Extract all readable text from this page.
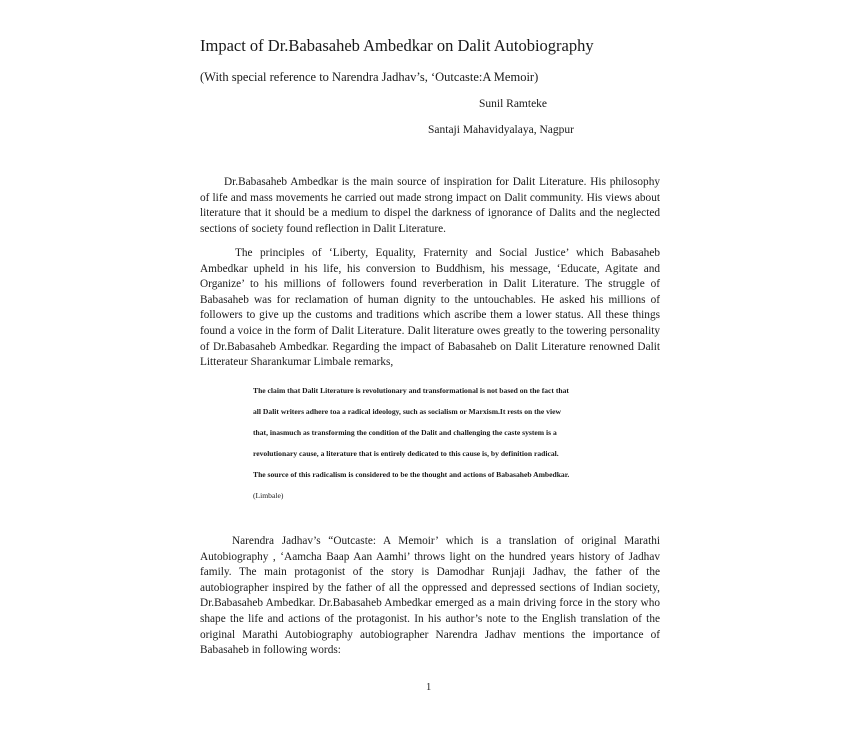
Impact of Dr.Babasaheb Ambedkar on Dalit Autobiography

(With special reference to Narendra Jadhav’s, ‘Outcaste:A Memoir)

Sunil Ramteke

Santaji Mahavidyalaya, Nagpur

Dr.Babasaheb Ambedkar is the main source of inspiration for Dalit Literature. His philosophy of life and mass movements he carried out made strong impact on Dalit community. His views about literature that it should be a medium to dispel the darkness of ignorance of Dalits and the neglected sections of society found reflection in Dalit Literature.

The principles of ‘Liberty, Equality, Fraternity and Social Justice’ which Babasaheb Ambedkar upheld in his life, his conversion to Buddhism, his message, ‘Educate, Agitate and Organize’ to his millions of followers found reverberation in Dalit Literature. The struggle of Babasaheb was for reclamation of human dignity to the untouchables. He asked his millions of followers to give up the customs and traditions which ascribe them a lower status. All these things found a voice in the form of Dalit Literature. Dalit literature owes greatly to the towering personality of Dr.Babasaheb Ambedkar. Regarding the impact of Babasaheb on Dalit Literature renowned Dalit Litterateur Sharankumar Limbale remarks,

The claim that Dalit Literature is revolutionary and transformational is not based on the fact that
all Dalit writers adhere toa a radical ideology, such as socialism or Marxism.It rests on the view
that, inasmuch as transforming the condition of the Dalit and challenging the caste system is a
revolutionary cause, a literature that is entirely dedicated to this cause is, by definition radical.
The source of this radicalism is considered to be the thought and actions of Babasaheb Ambedkar.
(Limbale)

Narendra Jadhav’s “Outcaste: A Memoir’ which is a translation of original Marathi Autobiography , ‘Aamcha Baap Aan Aamhi’ throws light on the hundred years history of Jadhav family. The main protagonist of the story is Damodhar Runjaji Jadhav, the father of the autobiographer inspired by the father of all the oppressed and depressed sections of Indian society, Dr.Babasaheb Ambedkar. Dr.Babasaheb Ambedkar emerged as a main driving force in the story who shape the life and actions of the protagonist. In his author’s note to the English translation of the original Marathi Autobiography autobiographer Narendra Jadhav mentions the importance of Babasaheb in following words:

1
